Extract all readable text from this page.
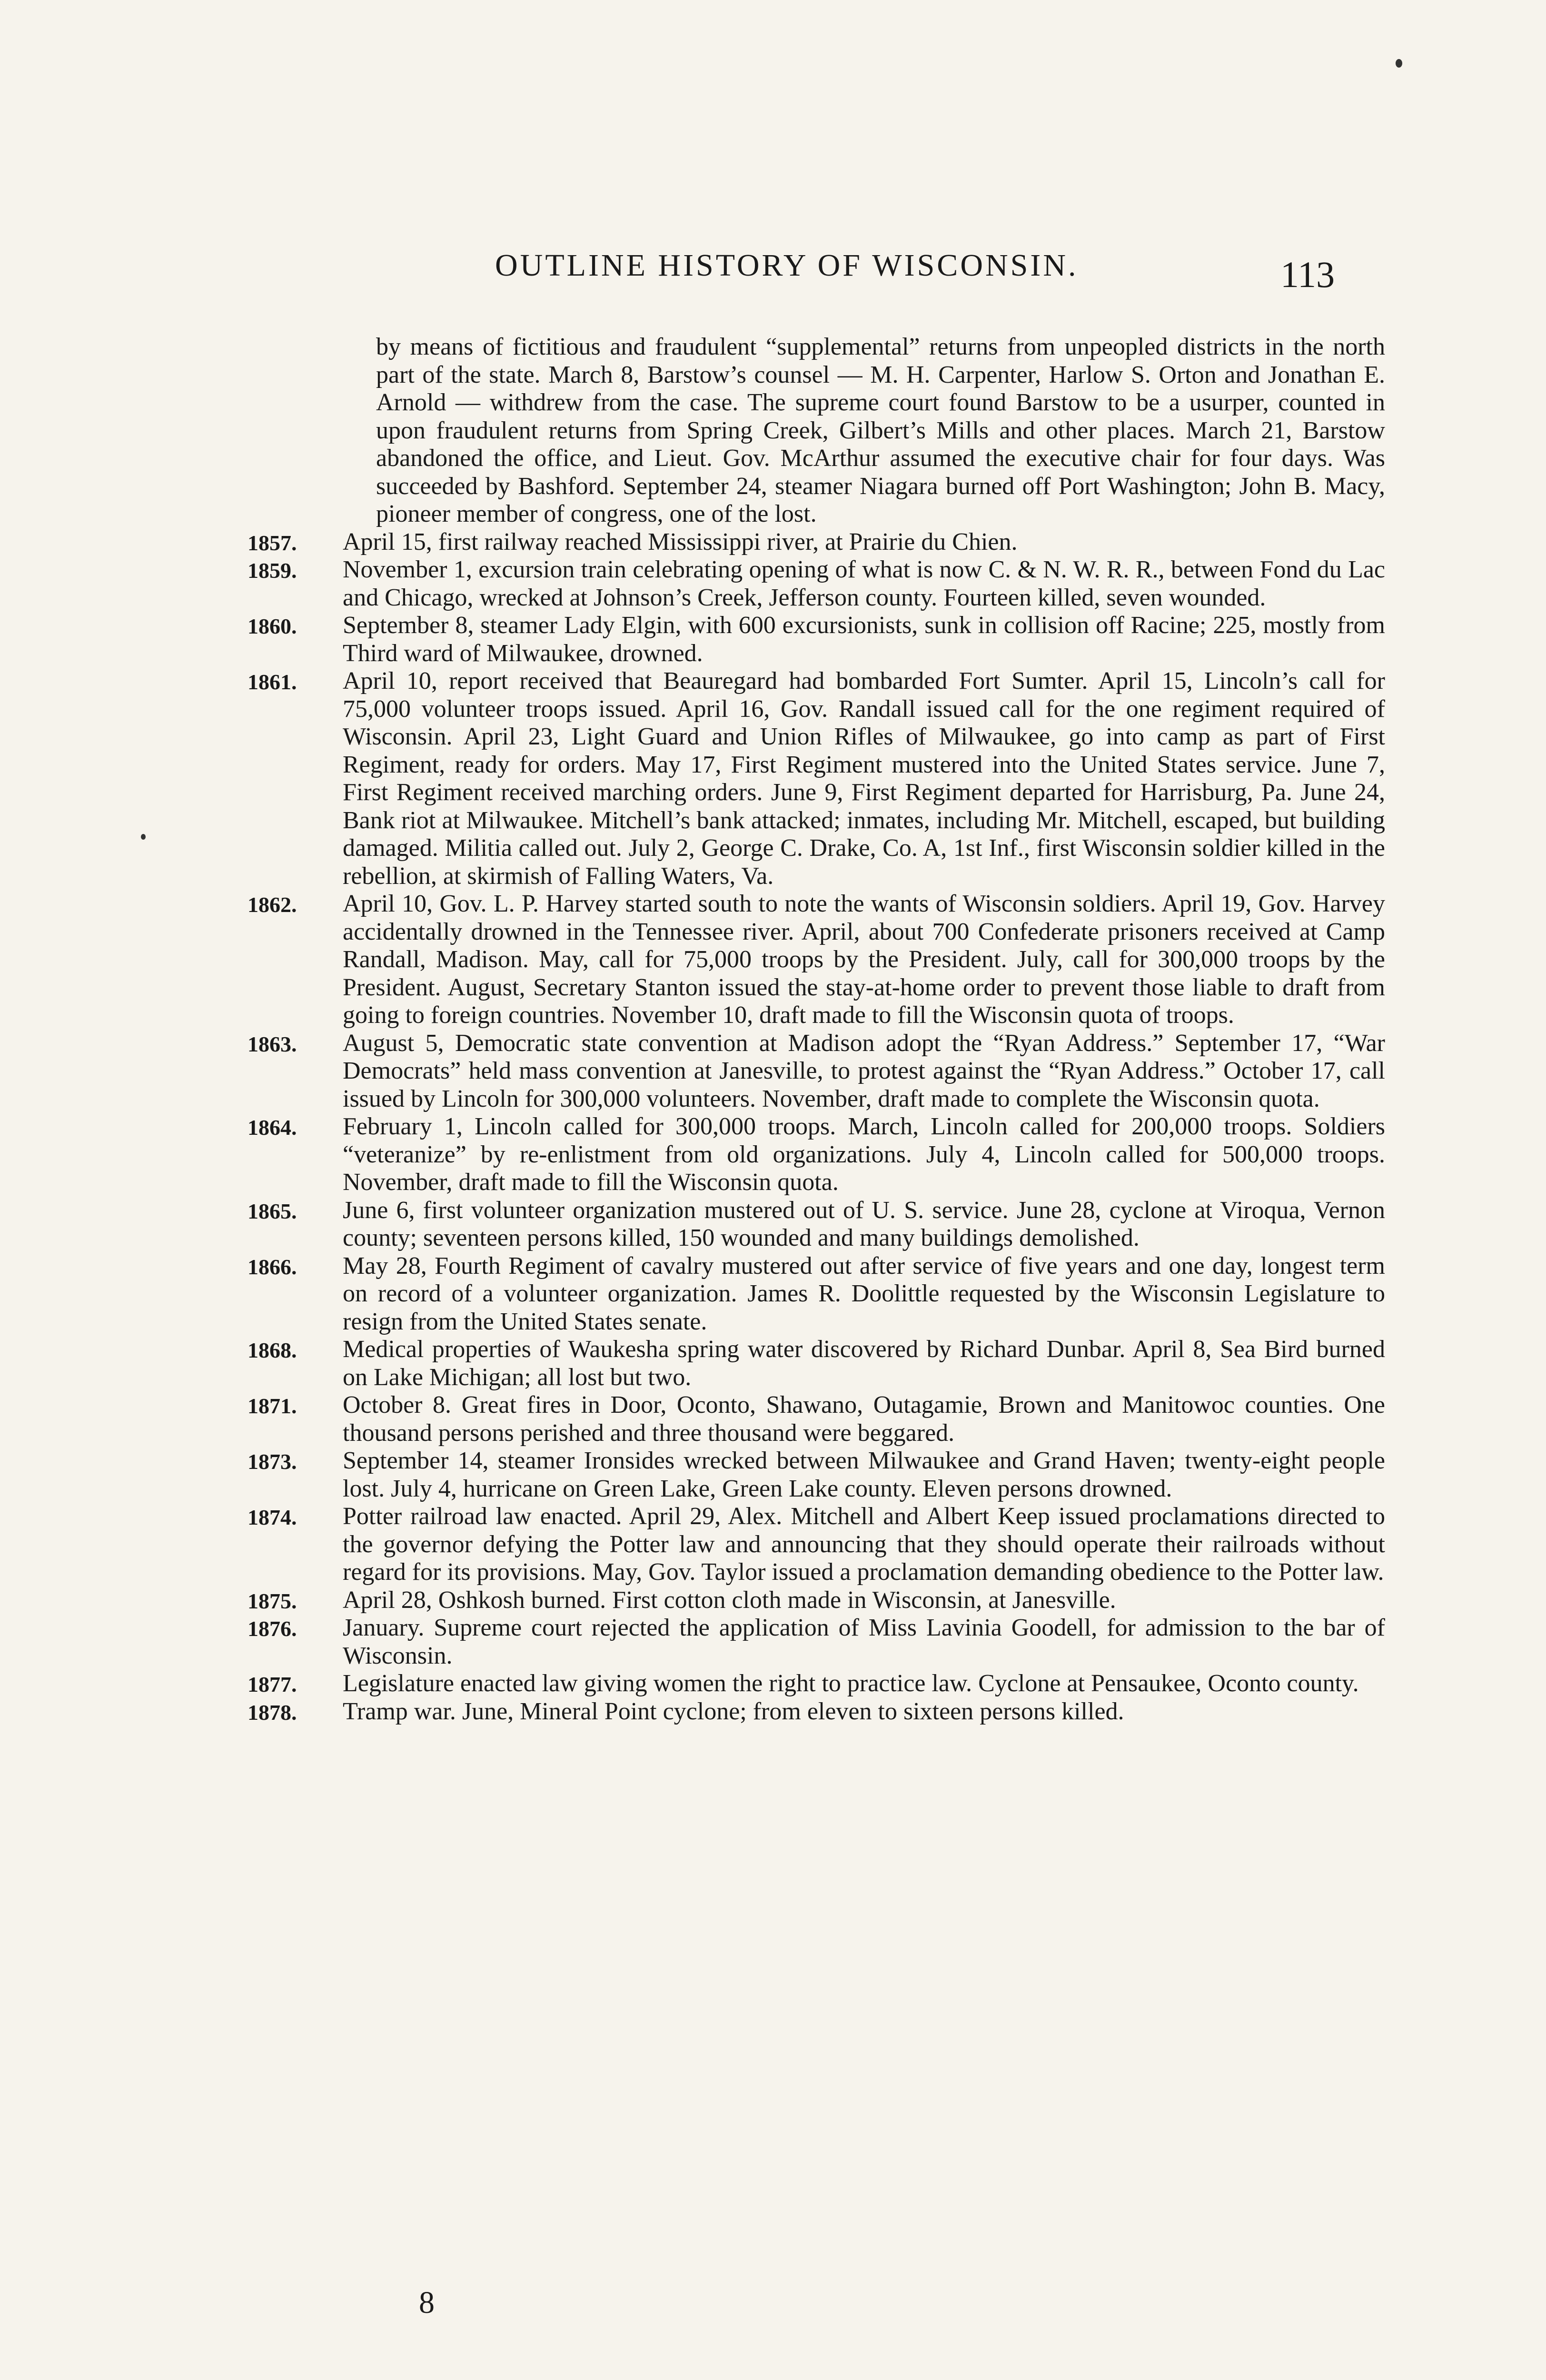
OUTLINE HISTORY OF WISCONSIN.	113
by means of fictitious and fraudulent “supplemental” returns from unpeopled districts in the north part of the state. March 8, Barstow’s counsel — M. H. Carpenter, Harlow S. Orton and Jonathan E. Arnold — withdrew from the case. The supreme court found Barstow to be a usurper, counted in upon fraudulent returns from Spring Creek, Gilbert’s Mills and other places. March 21, Barstow abandoned the office, and Lieut. Gov. McArthur assumed the executive chair for four days. Was succeeded by Bashford. September 24, steamer Niagara burned off Port Washington; John B. Macy, pioneer member of congress, one of the lost.
1857. April 15, first railway reached Mississippi river, at Prairie du Chien.
1859. November 1, excursion train celebrating opening of what is now C. & N. W. R. R., between Fond du Lac and Chicago, wrecked at Johnson’s Creek, Jefferson county. Fourteen killed, seven wounded.
1860. September 8, steamer Lady Elgin, with 600 excursionists, sunk in collision off Racine; 225, mostly from Third ward of Milwaukee, drowned.
1861. April 10, report received that Beauregard had bombarded Fort Sumter. April 15, Lincoln’s call for 75,000 volunteer troops issued. April 16, Gov. Randall issued call for the one regiment required of Wisconsin. April 23, Light Guard and Union Rifles of Milwaukee, go into camp as part of First Regiment, ready for orders. May 17, First Regiment mustered into the United States service. June 7, First Regiment received marching orders. June 9, First Regiment departed for Harrisburg, Pa. June 24, Bank riot at Milwaukee. Mitchell’s bank attacked; inmates, including Mr. Mitchell, escaped, but building damaged. Militia called out. July 2, George C. Drake, Co. A, 1st Inf., first Wisconsin soldier killed in the rebellion, at skirmish of Falling Waters, Va.
1862. April 10, Gov. L. P. Harvey started south to note the wants of Wisconsin soldiers. April 19, Gov. Harvey accidentally drowned in the Tennessee river. April, about 700 Confederate prisoners received at Camp Randall, Madison. May, call for 75,000 troops by the President. July, call for 300,000 troops by the President. August, Secretary Stanton issued the stay-at-home order to prevent those liable to draft from going to foreign countries. November 10, draft made to fill the Wisconsin quota of troops.
1863. August 5, Democratic state convention at Madison adopt the “Ryan Address.” September 17, “War Democrats” held mass convention at Janesville, to protest against the “Ryan Address.” October 17, call issued by Lincoln for 300,000 volunteers. November, draft made to complete the Wisconsin quota.
1864. February 1, Lincoln called for 300,000 troops. March, Lincoln called for 200,000 troops. Soldiers “veteranize” by re-enlistment from old organizations. July 4, Lincoln called for 500,000 troops. November, draft made to fill the Wisconsin quota.
1865. June 6, first volunteer organization mustered out of U. S. service. June 28, cyclone at Viroqua, Vernon county; seventeen persons killed, 150 wounded and many buildings demolished.
1866. May 28, Fourth Regiment of cavalry mustered out after service of five years and one day, longest term on record of a volunteer organization. James R. Doolittle requested by the Wisconsin Legislature to resign from the United States senate.
1868. Medical properties of Waukesha spring water discovered by Richard Dunbar. April 8, Sea Bird burned on Lake Michigan; all lost but two.
1871. October 8. Great fires in Door, Oconto, Shawano, Outagamie, Brown and Manitowoc counties. One thousand persons perished and three thousand were beggared.
1873. September 14, steamer Ironsides wrecked between Milwaukee and Grand Haven; twenty-eight people lost. July 4, hurricane on Green Lake, Green Lake county. Eleven persons drowned.
1874. Potter railroad law enacted. April 29, Alex. Mitchell and Albert Keep issued proclamations directed to the governor defying the Potter law and announcing that they should operate their railroads without regard for its provisions. May, Gov. Taylor issued a proclamation demanding obedience to the Potter law.
1875. April 28, Oshkosh burned. First cotton cloth made in Wisconsin, at Janesville.
1876. January. Supreme court rejected the application of Miss Lavinia Goodell, for admission to the bar of Wisconsin.
1877. Legislature enacted law giving women the right to practice law. Cyclone at Pensaukee, Oconto county.
1878. Tramp war. June, Mineral Point cyclone; from eleven to sixteen persons killed.
8
